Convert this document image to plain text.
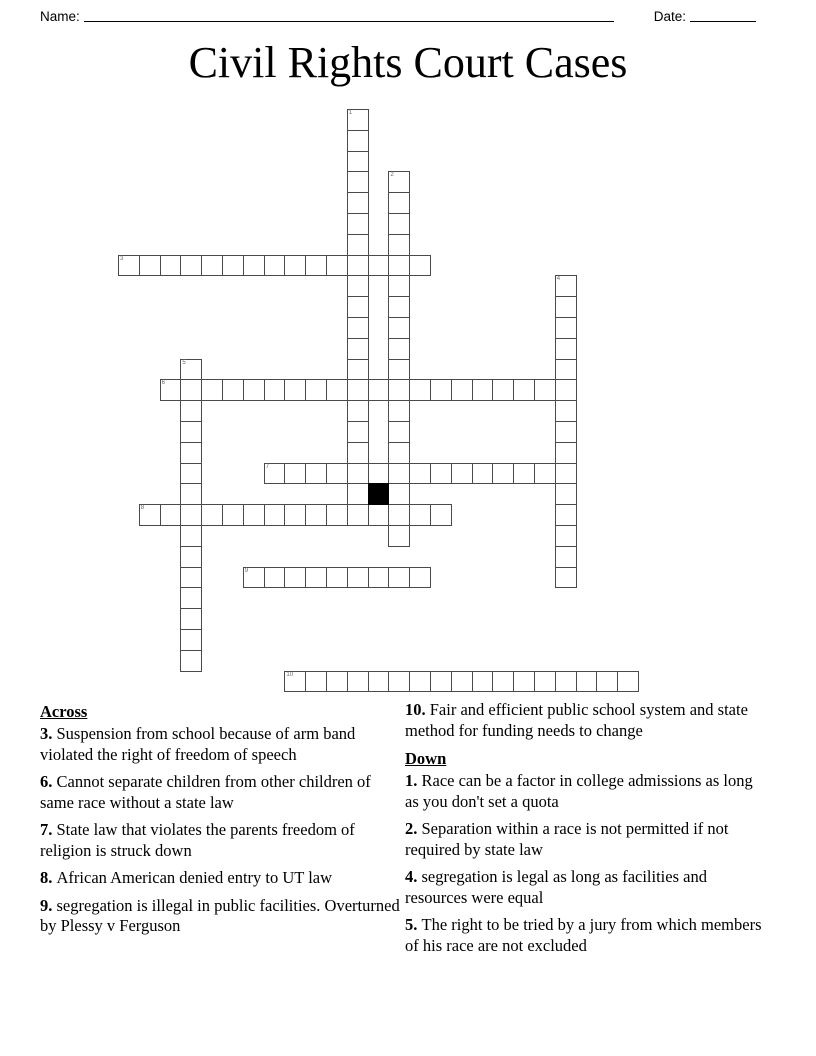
Name:	Date:
Civil Rights Court Cases
1
2
3
4
5
6
7
8
9
10
Across

3. Suspension from school because of arm band violated the right of freedom of speech

6. Cannot separate children from other children of same race without a state law

7. State law that violates the parents freedom of religion is struck down

8. African American denied entry to UT law

9. segregation is illegal in public facilities. Overturned by Plessy v Ferguson

10. Fair and efficient public school system and state method for funding needs to change

Down

1. Race can be a factor in college admissions as long as you don't set a quota

2. Separation within a race is not permitted if not required by state law

4. segregation is legal as long as facilities and resources were equal

5. The right to be tried by a jury from which members of his race are not excluded
